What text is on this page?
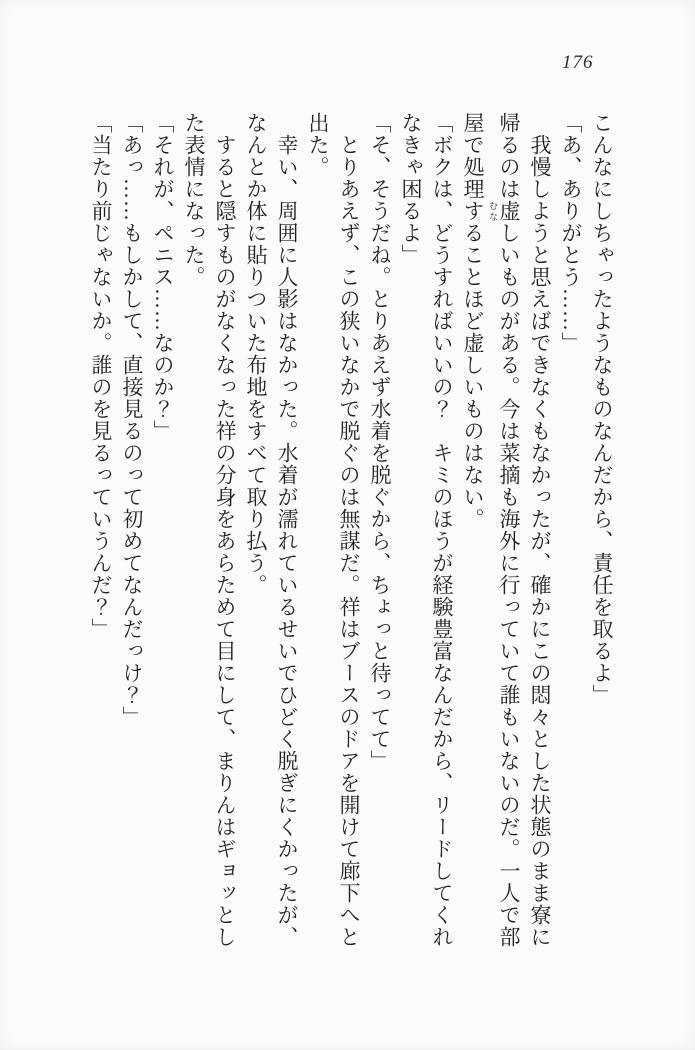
176
こんなにしちゃったようなものなんだから、責任を取るよ」
「あ、ありがとう……」
我慢しようと思えばできなくもなかったが、確かにこの悶々とした状態のまま寮に
帰るのは虚むなしいものがある。今は菜摘も海外に行っていて誰もいないのだ。一人で部
屋で処理することほど虚しいものはない。
「ボクは、どうすればいいの？　キミのほうが経験豊富なんだから、リードしてくれ
なきゃ困るよ」
「そ、そうだね。とりあえず水着を脱ぐから、ちょっと待ってて」
とりあえず、この狭いなかで脱ぐのは無謀だ。祥はブースのドアを開けて廊下へと
出た。
幸い、周囲に人影はなかった。水着が濡れているせいでひどく脱ぎにくかったが、
なんとか体に貼りついた布地をすべて取り払う。
すると隠すものがなくなった祥の分身をあらためて目にして、まりんはギョッとし
た表情になった。
「それが、ペニス……なのか？」
「あっ……もしかして、直接見るのって初めてなんだっけ？」
「当たり前じゃないか。誰のを見るっていうんだ？」
